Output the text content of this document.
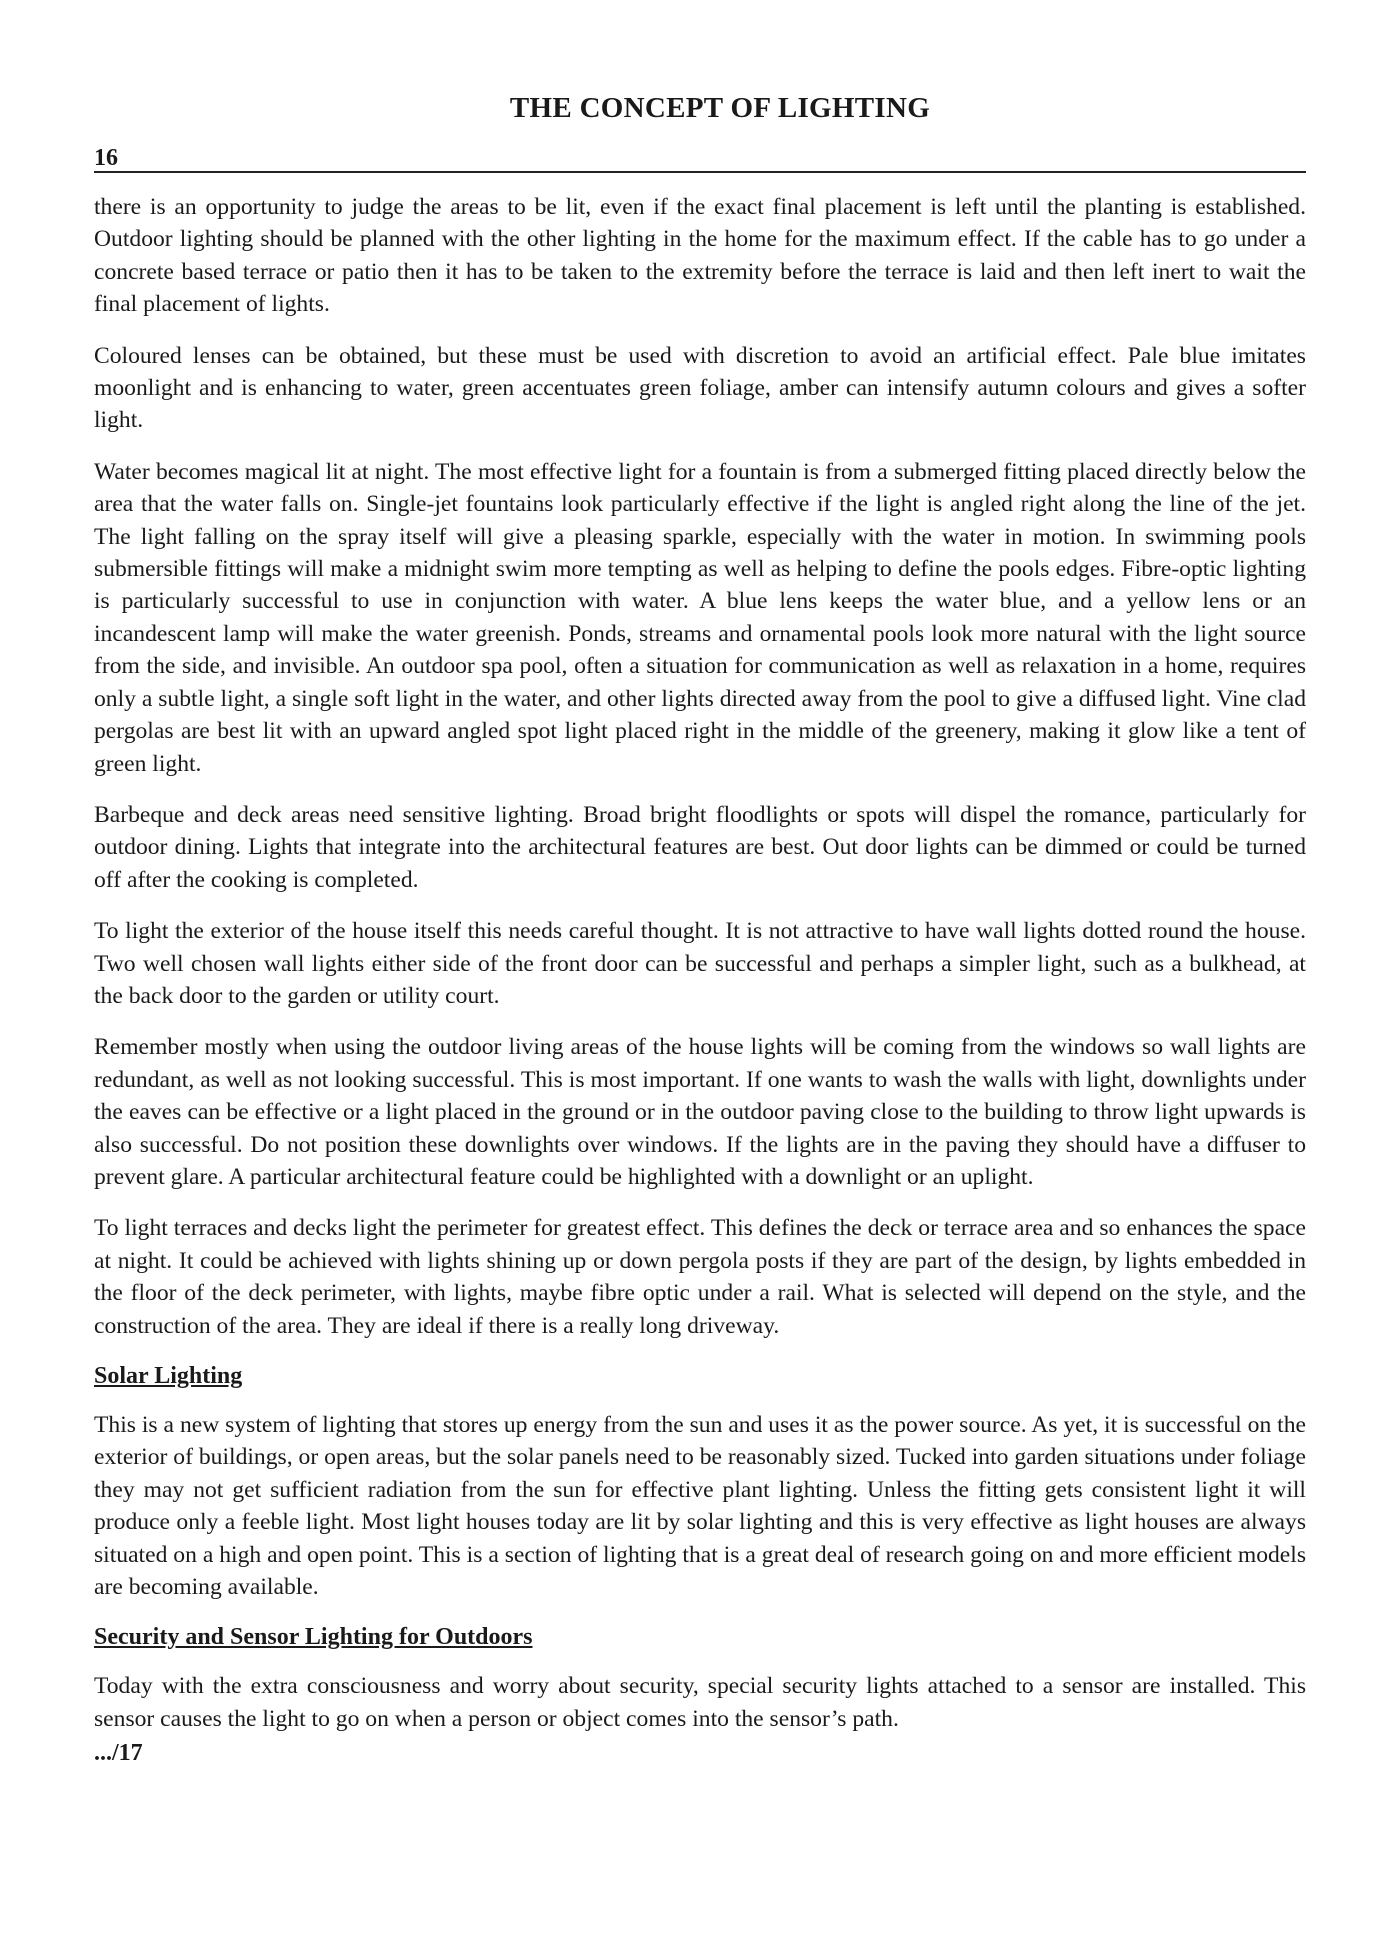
THE CONCEPT OF LIGHTING
16

there is an opportunity to judge the areas to be lit, even if the exact final placement is left until the planting is established. Outdoor lighting should be planned with the other lighting in the home for the maximum effect. If the cable has to go under a concrete based terrace or patio then it has to be taken to the extremity before the terrace is laid and then left inert to wait the final placement of lights.

Coloured lenses can be obtained, but these must be used with discretion to avoid an artificial effect. Pale blue imitates moonlight and is enhancing to water, green accentuates green foliage, amber can intensify autumn colours and gives a softer light.

Water becomes magical lit at night. The most effective light for a fountain is from a submerged fitting placed directly below the area that the water falls on. Single-jet fountains look particularly effective if the light is angled right along the line of the jet. The light falling on the spray itself will give a pleasing sparkle, especially with the water in motion. In swimming pools submersible fittings will make a midnight swim more tempting as well as helping to define the pools edges. Fibre-optic lighting is particularly successful to use in conjunction with water. A blue lens keeps the water blue, and a yellow lens or an incandescent lamp will make the water greenish. Ponds, streams and ornamental pools look more natural with the light source from the side, and invisible. An outdoor spa pool, often a situation for communication as well as relaxation in a home, requires only a subtle light, a single soft light in the water, and other lights directed away from the pool to give a diffused light. Vine clad pergolas are best lit with an upward angled spot light placed right in the middle of the greenery, making it glow like a tent of green light.

Barbeque and deck areas need sensitive lighting. Broad bright floodlights or spots will dispel the romance, particularly for outdoor dining. Lights that integrate into the architectural features are best. Out door lights can be dimmed or could be turned off after the cooking is completed.

To light the exterior of the house itself this needs careful thought. It is not attractive to have wall lights dotted round the house. Two well chosen wall lights either side of the front door can be successful and perhaps a simpler light, such as a bulkhead, at the back door to the garden or utility court.

Remember mostly when using the outdoor living areas of the house lights will be coming from the windows so wall lights are redundant, as well as not looking successful. This is most important. If one wants to wash the walls with light, downlights under the eaves can be effective or a light placed in the ground or in the outdoor paving close to the building to throw light upwards is also successful. Do not position these downlights over windows. If the lights are in the paving they should have a diffuser to prevent glare. A particular architectural feature could be highlighted with a downlight or an uplight.

To light terraces and decks light the perimeter for greatest effect. This defines the deck or terrace area and so enhances the space at night. It could be achieved with lights shining up or down pergola posts if they are part of the design, by lights embedded in the floor of the deck perimeter, with lights, maybe fibre optic under a rail. What is selected will depend on the style, and the construction of the area. They are ideal if there is a really long driveway.

Solar Lighting

This is a new system of lighting that stores up energy from the sun and uses it as the power source. As yet, it is successful on the exterior of buildings, or open areas, but the solar panels need to be reasonably sized. Tucked into garden situations under foliage they may not get sufficient radiation from the sun for effective plant lighting. Unless the fitting gets consistent light it will produce only a feeble light. Most light houses today are lit by solar lighting and this is very effective as light houses are always situated on a high and open point. This is a section of lighting that is a great deal of research going on and more efficient models are becoming available.

Security and Sensor Lighting for Outdoors

Today with the extra consciousness and worry about security, special security lights attached to a sensor are installed. This sensor causes the light to go on when a person or object comes into the sensor’s path.

.../17
